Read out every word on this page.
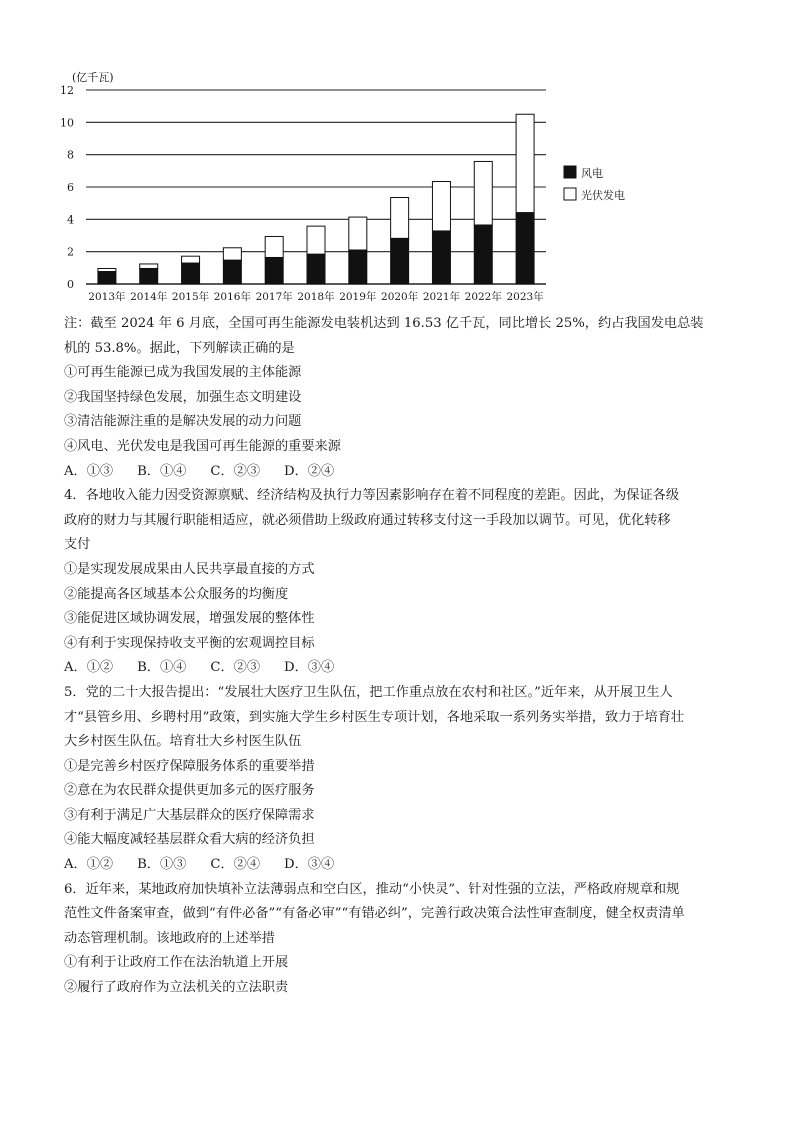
(亿千瓦)
0
2
4
6
8
10
12
2013年 2014年 2015年 2016年 2017年 2018年 2019年 2020年 2021年 2022年 2023年
风电
光伏发电

注：截至 2024 年 6 月底，全国可再生能源发电装机达到 16.53 亿千瓦，同比增长 25%，约占我国发电总装

机的 53.8%。据此，下列解读正确的是

①可再生能源已成为我国发展的主体能源

②我国坚持绿色发展，加强生态文明建设

③清洁能源注重的是解决发展的动力问题

④风电、光伏发电是我国可再生能源的重要来源

A．①③ B．①④ C．②③ D．②④

4．各地收入能力因受资源禀赋、经济结构及执行力等因素影响存在着不同程度的差距。因此，为保证各级

政府的财力与其履行职能相适应，就必须借助上级政府通过转移支付这一手段加以调节。可见，优化转移

支付

①是实现发展成果由人民共享最直接的方式

②能提高各区域基本公众服务的均衡度

③能促进区域协调发展，增强发展的整体性

④有利于实现保持收支平衡的宏观调控目标

A．①② B．①④ C．②③ D．③④

5．党的二十大报告提出：“发展壮大医疗卫生队伍，把工作重点放在农村和社区。”近年来，从开展卫生人

才“县管乡用、乡聘村用”政策，到实施大学生乡村医生专项计划，各地采取一系列务实举措，致力于培育壮

大乡村医生队伍。培育壮大乡村医生队伍

①是完善乡村医疗保障服务体系的重要举措

②意在为农民群众提供更加多元的医疗服务

③有利于满足广大基层群众的医疗保障需求

④能大幅度减轻基层群众看大病的经济负担

A．①② B．①③ C．②④ D．③④

6．近年来，某地政府加快填补立法薄弱点和空白区，推动“小快灵”、针对性强的立法，严格政府规章和规

范性文件备案审查，做到“有件必备”“有备必审”“有错必纠”，完善行政决策合法性审查制度，健全权责清单

动态管理机制。该地政府的上述举措

①有利于让政府工作在法治轨道上开展

②履行了政府作为立法机关的立法职责
